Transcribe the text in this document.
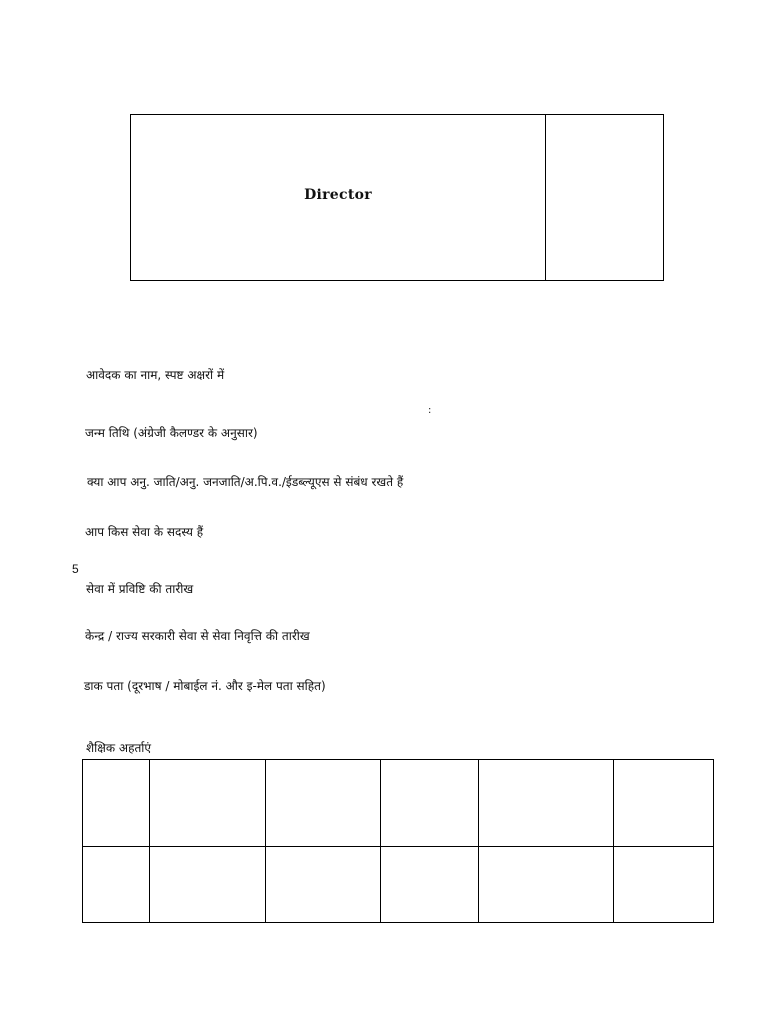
Director
आवेदक का नाम, स्पष्ट अक्षरों में
:
जन्म तिथि (अंग्रेजी कैलण्डर के अनुसार)
क्या आप अनु. जाति/अनु. जनजाति/अ.पि.व./ईडब्ल्यूएस से संबंध रखते हैं
आप किस सेवा के सदस्य हैं
5
सेवा में प्रविष्टि की तारीख
केन्द्र / राज्य सरकारी सेवा से सेवा निवृत्ति की तारीख
डाक पता (दूरभाष / मोबाईल नं. और इ-मेल पता सहित)
शैक्षिक अहर्ताएं
